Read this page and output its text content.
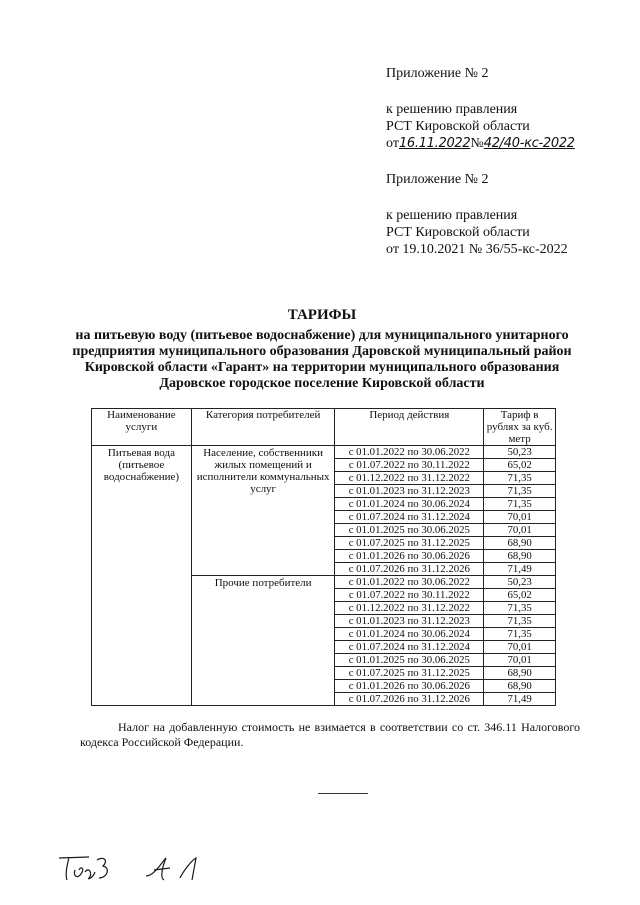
Приложение № 2
к решению правления
РСТ Кировской области
от16.11.2022№42/40-кс-2022
Приложение № 2
к решению правления
РСТ Кировской области
от 19.10.2021 № 36/55-кс-2022
ТАРИФЫ
на питьевую воду (питьевое водоснабжение) для муниципального унитарного предприятия муниципального образования Даровской муниципальный район Кировской области «Гарант» на территории муниципального образования Даровское городское поселение Кировской области
Наименование услуги	Категория потребителей	Период действия	Тариф в рублях за куб. метр
Питьевая вода (питьевое водоснабжение)	Население, собственники жилых помещений и исполнители коммунальных услуг	с 01.01.2022 по 30.06.2022	50,23
		с 01.07.2022 по 30.11.2022	65,02
		с 01.12.2022 по 31.12.2022	71,35
		с 01.01.2023 по 31.12.2023	71,35
		с 01.01.2024 по 30.06.2024	71,35
		с 01.07.2024 по 31.12.2024	70,01
		с 01.01.2025 по 30.06.2025	70,01
		с 01.07.2025 по 31.12.2025	68,90
		с 01.01.2026 по 30.06.2026	68,90
		с 01.07.2026 по 31.12.2026	71,49
	Прочие потребители	с 01.01.2022 по 30.06.2022	50,23
		с 01.07.2022 по 30.11.2022	65,02
		с 01.12.2022 по 31.12.2022	71,35
		с 01.01.2023 по 31.12.2023	71,35
		с 01.01.2024 по 30.06.2024	71,35
		с 01.07.2024 по 31.12.2024	70,01
		с 01.01.2025 по 30.06.2025	70,01
		с 01.07.2025 по 31.12.2025	68,90
		с 01.01.2026 по 30.06.2026	68,90
		с 01.07.2026 по 31.12.2026	71,49
Налог на добавленную стоимость не взимается в соответствии со ст. 346.11 Налогового кодекса Российской Федерации.
